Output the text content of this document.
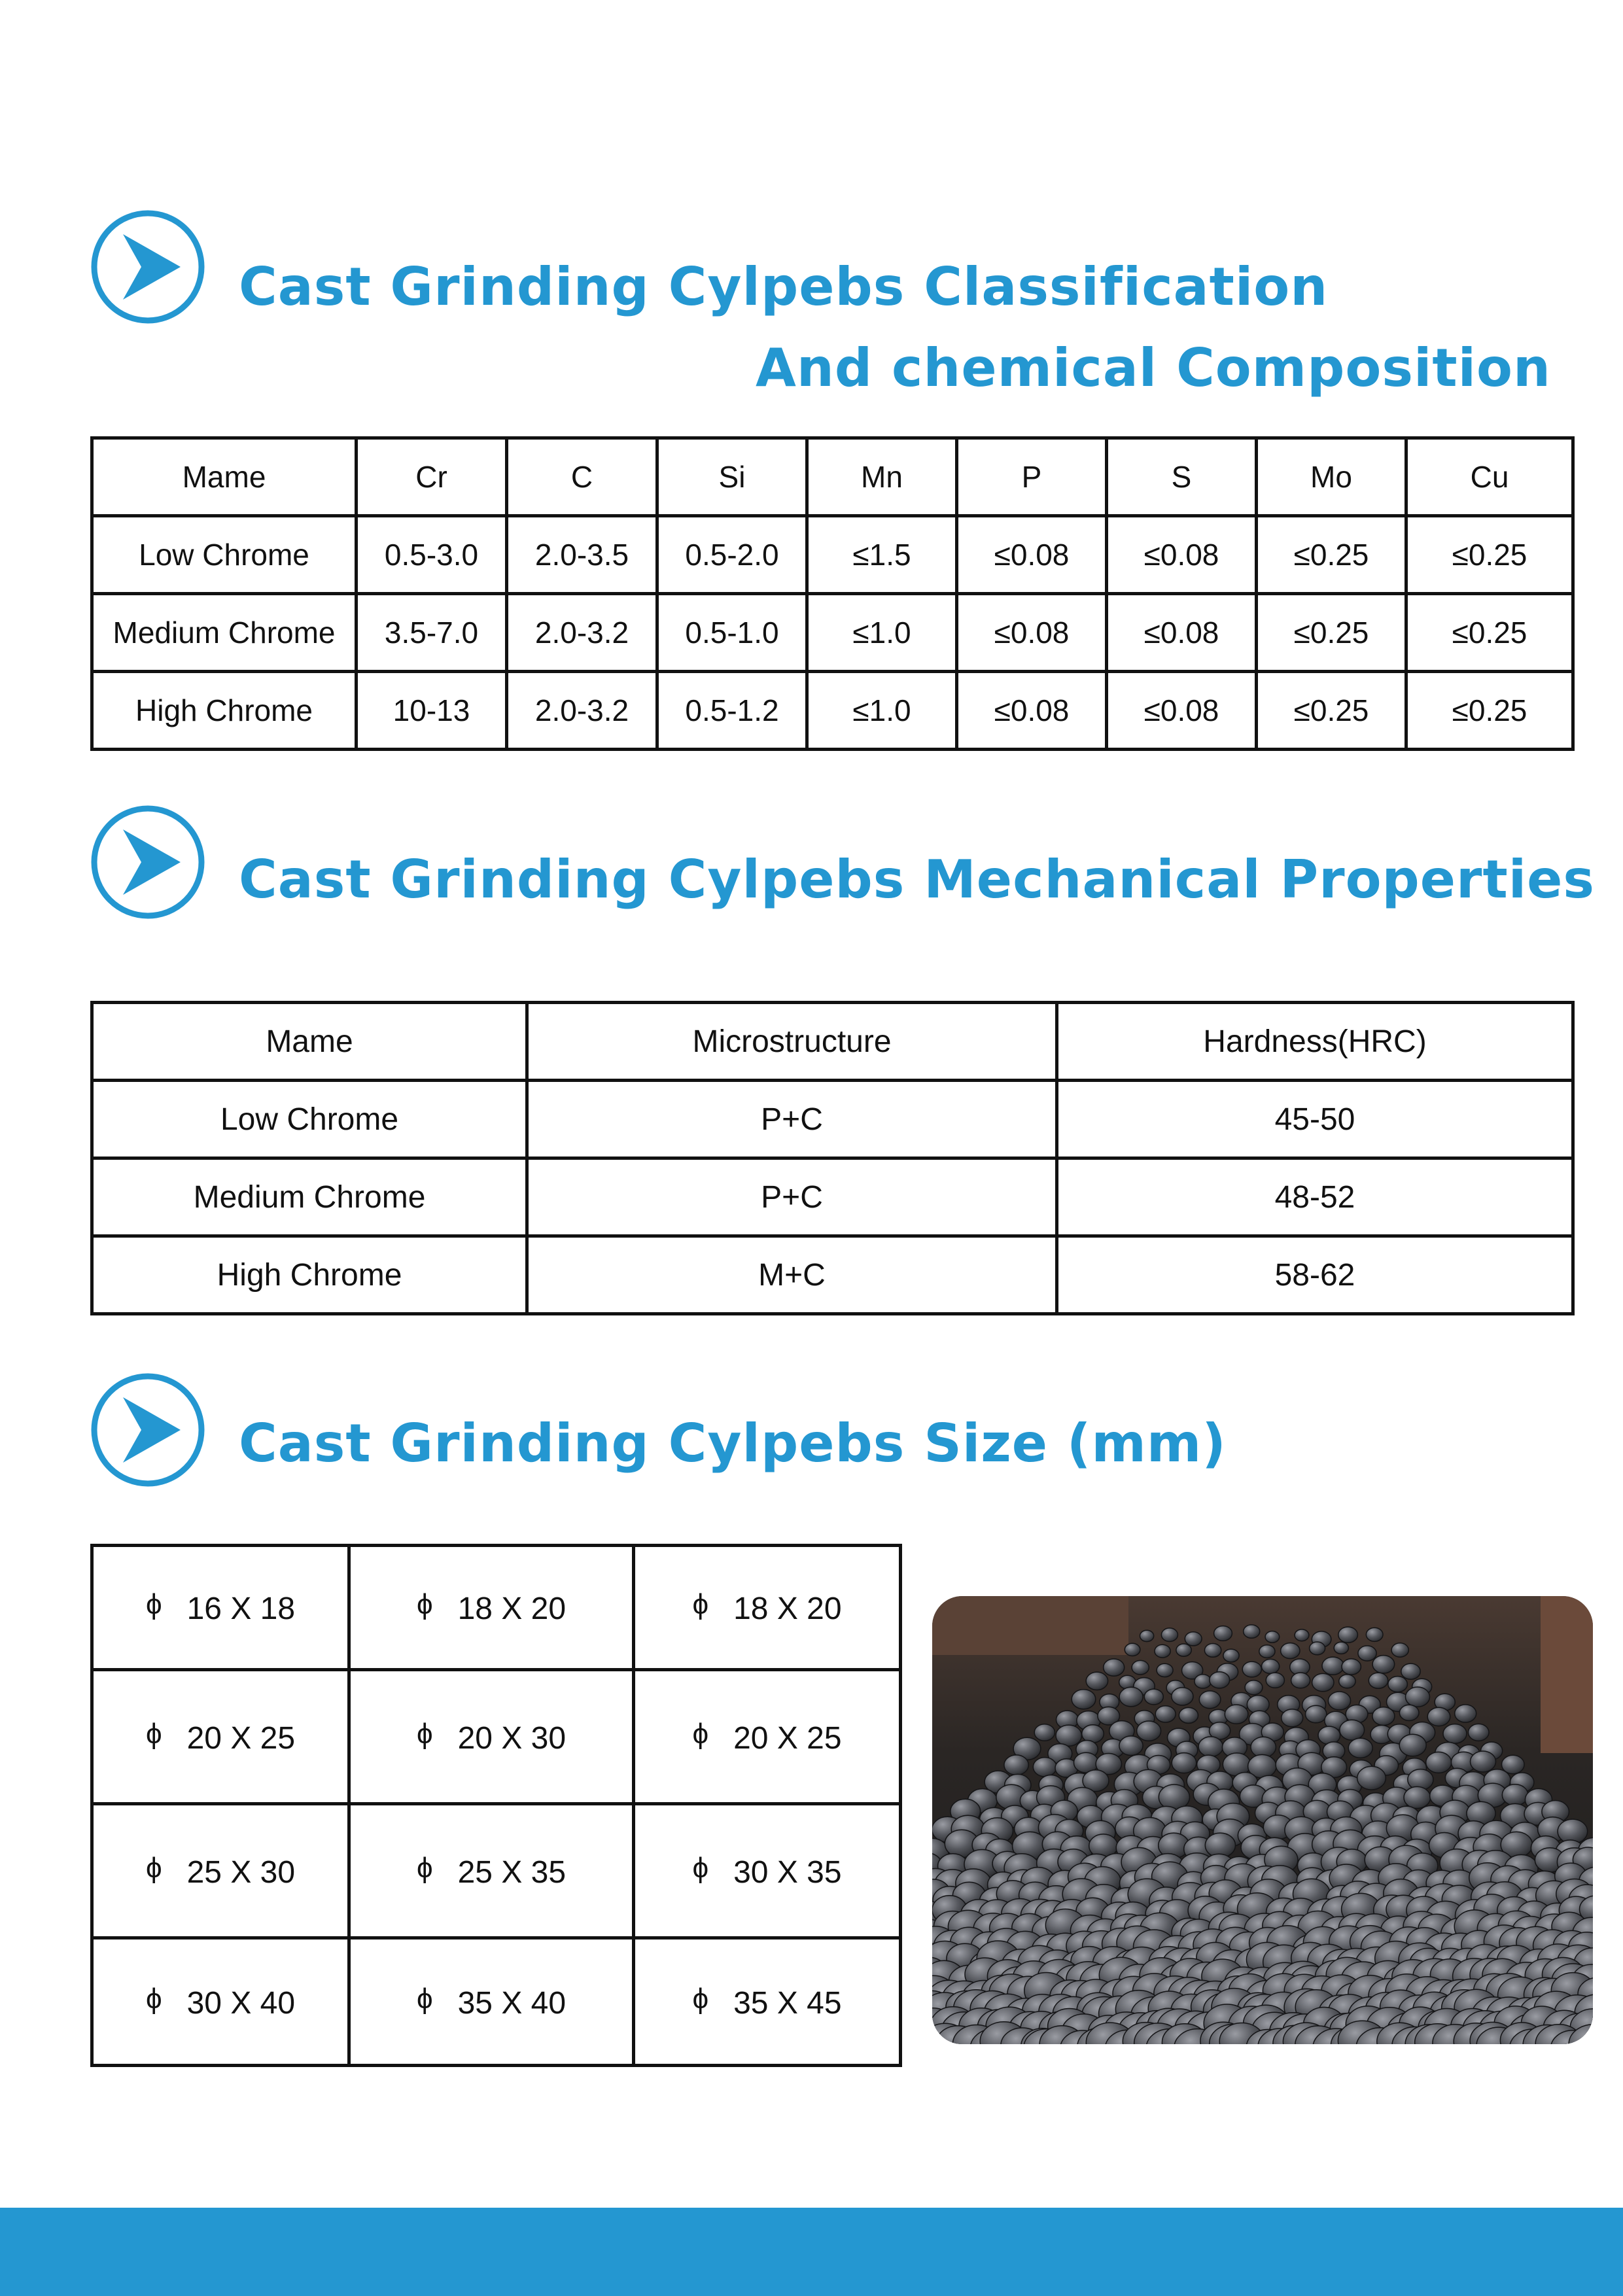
Cast Grinding Cylpebs Classification
And chemical Composition
Mame	Cr	C	Si	Mn	P	S	Mo	Cu
Low Chrome	0.5-3.0	2.0-3.5	0.5-2.0	≤1.5	≤0.08	≤0.08	≤0.25	≤0.25
Medium Chrome	3.5-7.0	2.0-3.2	0.5-1.0	≤1.0	≤0.08	≤0.08	≤0.25	≤0.25
High Chrome	10-13	2.0-3.2	0.5-1.2	≤1.0	≤0.08	≤0.08	≤0.25	≤0.25
Cast Grinding Cylpebs Mechanical Properties
Mame	Microstructure	Hardness(HRC)
Low Chrome	P+C	45-50
Medium Chrome	P+C	48-52
High Chrome	M+C	58-62
Cast Grinding Cylpebs Size (mm)
ϕ 16 X 18	ϕ 18 X 20	ϕ 18 X 20
ϕ 20 X 25	ϕ 20 X 30	ϕ 20 X 25
ϕ 25 X 30	ϕ 25 X 35	ϕ 30 X 35
ϕ 30 X 40	ϕ 35 X 40	ϕ 35 X 45
